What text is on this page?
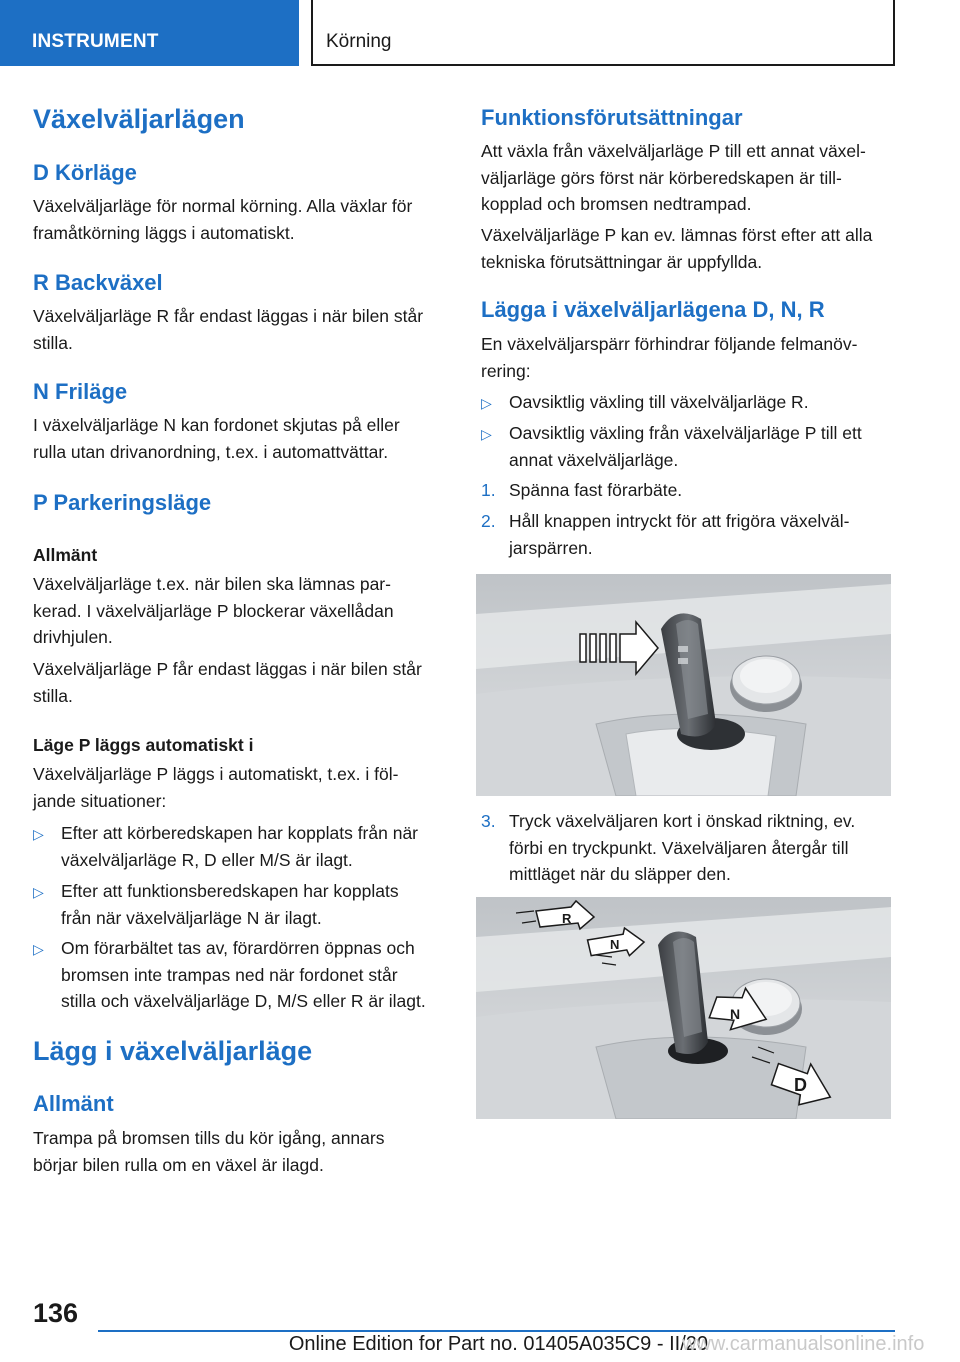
INSTRUMENT	Körning
Växelväljarlägen
D Körläge
Växelväljarläge för normal körning. Alla växlar för
framåtkörning läggs i automatiskt.
R Backväxel
Växelväljarläge R får endast läggas i när bilen står
stilla.
N Friläge
I växelväljarläge N kan fordonet skjutas på eller
rulla utan drivanordning, t.ex. i automattvättar.
P Parkeringsläge
Allmänt
Växelväljarläge t.ex. när bilen ska lämnas par-
kerad. I växelväljarläge P blockerar växellådan
drivhjulen.
Växelväljarläge P får endast läggas i när bilen står
stilla.
Läge P läggs automatiskt i
Växelväljarläge P läggs i automatiskt, t.ex. i föl-
jande situationer:
▷ Efter att körberedskapen har kopplats från när
växelväljarläge R, D eller M/S är ilagt.
▷ Efter att funktionsberedskapen har kopplats
från när växelväljarläge N är ilagt.
▷ Om förarbältet tas av, förardörren öppnas och
bromsen inte trampas ned när fordonet står
stilla och växelväljarläge D, M/S eller R är ilagt.
Lägg i växelväljarläge
Allmänt
Trampa på bromsen tills du kör igång, annars
börjar bilen rulla om en växel är ilagd.
Funktionsförutsättningar
Att växla från växelväljarläge P till ett annat växel-
väljarläge görs först när körberedskapen är till-
kopplad och bromsen nedtrampad.
Växelväljarläge P kan ev. lämnas först efter att alla
tekniska förutsättningar är uppfyllda.
Lägga i växelväljarlägena D, N, R
En växelväljarspärr förhindrar följande felmanöv-
rering:
▷ Oavsiktlig växling till växelväljarläge R.
▷ Oavsiktlig växling från växelväljarläge P till ett
annat växelväljarläge.
1. Spänna fast förarbäte.
2. Håll knappen intryckt för att frigöra växelväl-
jarspärren.
3. Tryck växelväljaren kort i önskad riktning, ev.
förbi en tryckpunkt. Växelväljaren återgår till
mittläget när du släpper den.
R
N
N
D
136
Online Edition for Part no. 01405A035C9 - II/20
www.carmanualsonline.info
